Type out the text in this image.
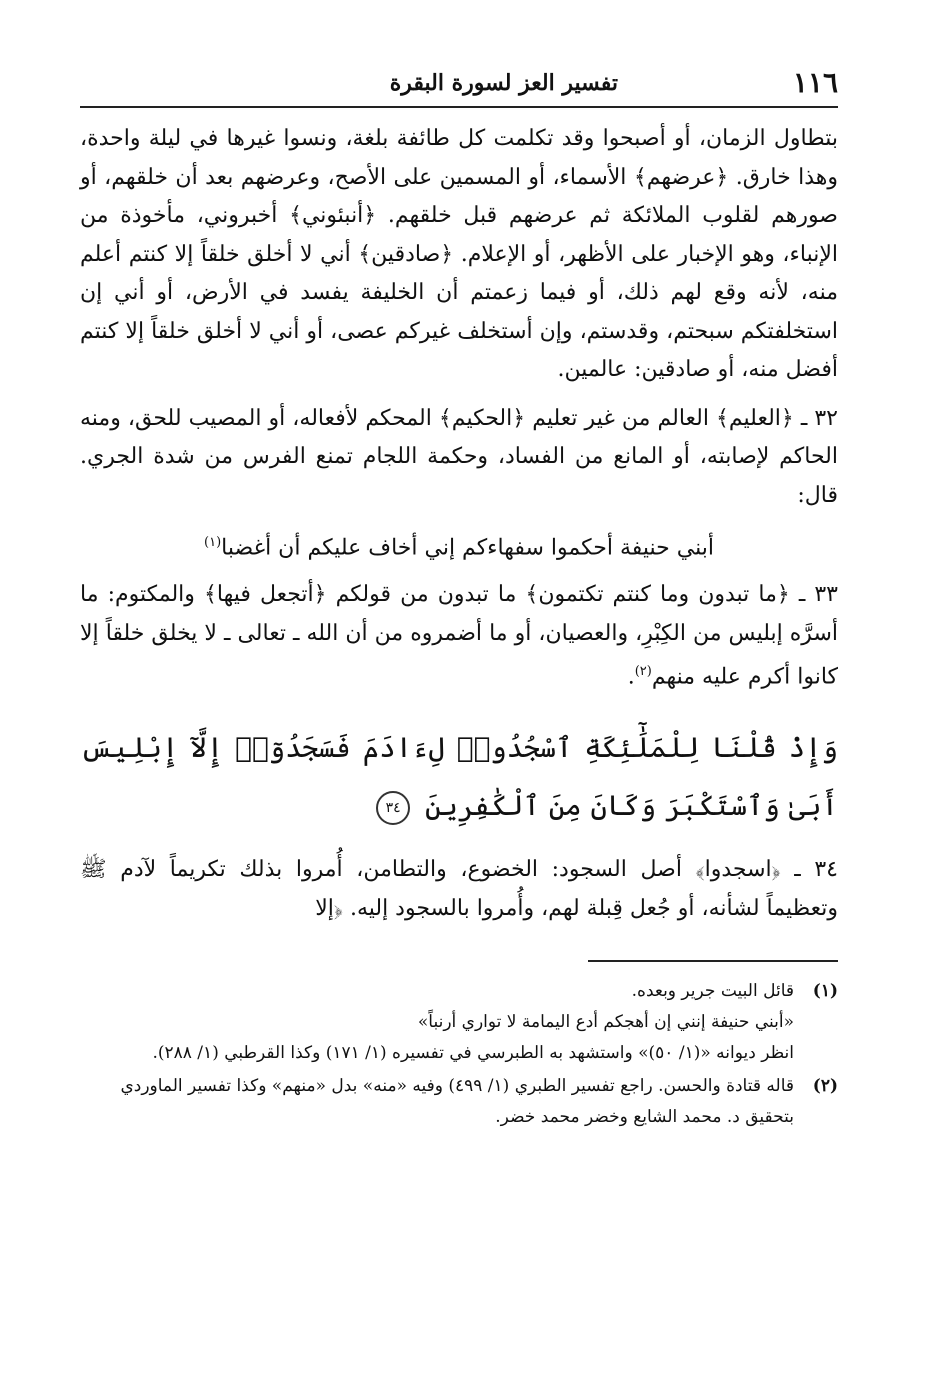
١١٦
تفسير العز لسورة البقرة

بتطاول الزمان، أو أصبحوا وقد تكلمت كل طائفة بلغة، ونسوا غيرها في ليلة واحدة، وهذا خارق. ﴿عرضهم﴾ الأسماء، أو المسمين على الأصح، وعرضهم بعد أن خلقهم، أو صورهم لقلوب الملائكة ثم عرضهم قبل خلقهم. ﴿أنبئوني﴾ أخبروني، مأخوذة من الإنباء، وهو الإخبار على الأظهر، أو الإعلام. ﴿صادقين﴾ أني لا أخلق خلقاً إلا كنتم أعلم منه، لأنه وقع لهم ذلك، أو فيما زعمتم أن الخليفة يفسد في الأرض، أو أني إن استخلفتكم سبحتم، وقدستم، وإن أستخلف غيركم عصى، أو أني لا أخلق خلقاً إلا كنتم أفضل منه، أو صادقين: عالمين.

٣٢ ـ ﴿العليم﴾ العالم من غير تعليم ﴿الحكيم﴾ المحكم لأفعاله، أو المصيب للحق، ومنه الحاكم لإصابته، أو المانع من الفساد، وحكمة اللجام تمنع الفرس من شدة الجري. قال:

أبني حنيفة أحكموا سفهاءكم إني أخاف عليكم أن أغضبا$^{(١)}$

٣٣ ـ ﴿ما تبدون وما كنتم تكتمون﴾ ما تبدون من قولكم ﴿أتجعل فيها﴾ والمكتوم: ما أسرَّه إبليس من الكِبْرِ، والعصيان، أو ما أضمروه من أن الله ـ تعالى ـ لا يخلق خلقاً إلا كانوا أكرم عليه منهم$^{(٢)}$.

وَإِذْ قُلْنَا لِلْمَلَٰٓئِكَةِ ٱسْجُدُوا۟ لِءَادَمَ فَسَجَدُوٓا۟ إِلَّآ إِبْلِيسَ أَبَىٰ وَٱسْتَكْبَرَ وَكَانَ مِنَ ٱلْكَٰفِرِينَ ٣٤

٣٤ ـ ﴿اسجدوا﴾ أصل السجود: الخضوع، والتطامن، أُمروا بذلك تكريماً لآدم ﷺ وتعظيماً لشأنه، أو جُعل قِبلة لهم، وأُمروا بالسجود إليه. ﴿إلا

(١)
قائل البيت جرير وبعده.
«أبني حنيفة إنني إن أهجكم أدع اليمامة لا تواري أرنباً»
انظر ديوانه «(١/ ٥٠)» واستشهد به الطبرسي في تفسيره (١/ ١٧١) وكذا القرطبي (١/ ٢٨٨).
(٢)
قاله قتادة والحسن. راجع تفسير الطبري (١/ ٤٩٩) وفيه «منه» بدل «منهم» وكذا تفسير الماوردي بتحقيق د. محمد الشايع وخضر محمد خضر.
